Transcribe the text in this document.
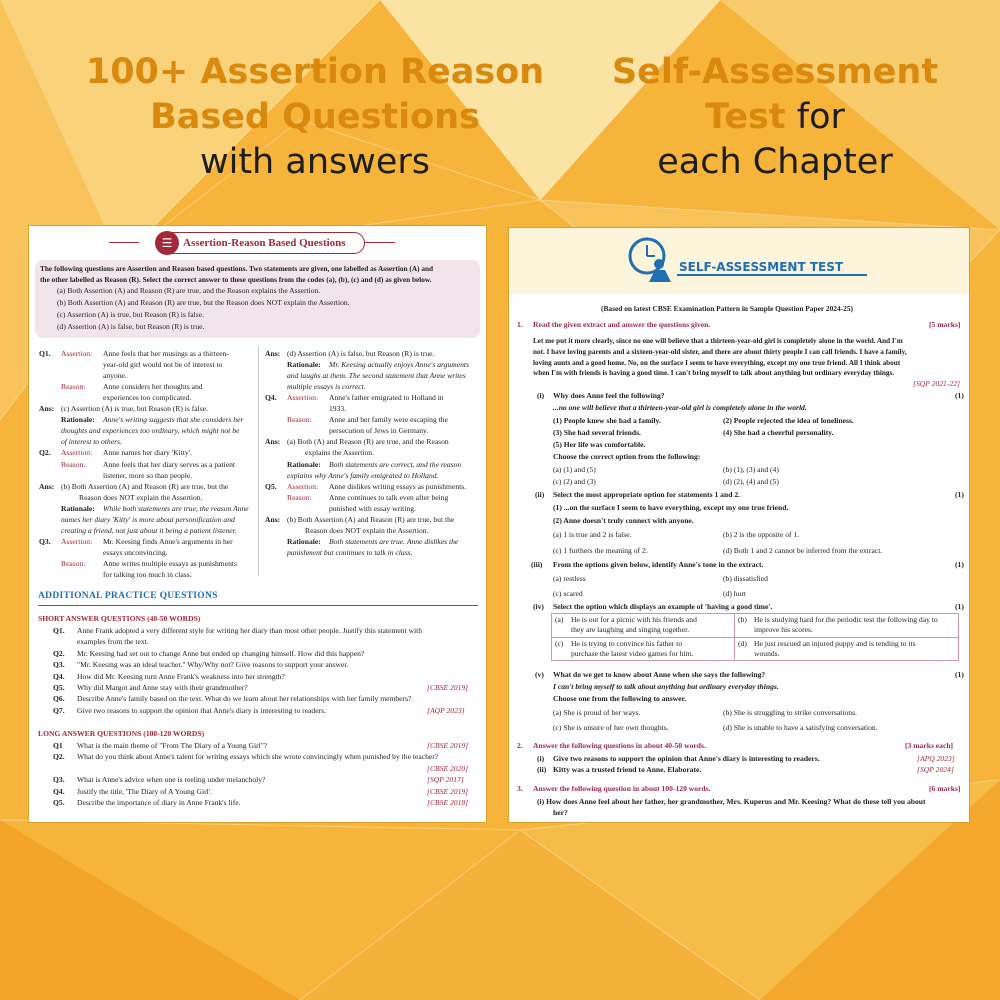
100+ Assertion Reason
Based Questions
with answers
Self-Assessment
Test for
each Chapter
☰ Assertion-Reason Based Questions
The following questions are Assertion and Reason based questions. Two statements are given, one labelled as Assertion (A) and
the other labelled as Reason (R). Select the correct answer to these questions from the codes (a), (b), (c) and (d) as given below.
(a) Both Assertion (A) and Reason (R) are true, and the Reason explains the Assertion.
(b) Both Assertion (A) and Reason (R) are true, but the Reason does NOT explain the Assertion.
(c) Assertion (A) is true, but Reason (R) is false.
(d) Assertion (A) is false, but Reason (R) is true.
Q1. Assertion: Anne feels that her musings as a thirteen-
year-old girl would not be of interest to
anyone.
Reason: Anne considers her thoughts and
experiences too complicated.
Ans: (c) Assertion (A) is true, but Reason (R) is false.
Rationale: Anne's writing suggests that she considers her
thoughts and experiences too ordinary, which might not be
of interest to others.
Q2. Assertion: Anne names her diary 'Kitty'.
Reason: Anne feels that her diary serves as a patient
listener, more so than people.
Ans: (b) Both Assertion (A) and Reason (R) are true, but the
Reason does NOT explain the Assertion.
Rationale: While both statements are true, the reason Anne
names her diary 'Kitty' is more about personification and
creating a friend, not just about it being a patient listener.
Q3. Assertion: Mr. Keesing finds Anne's arguments in her
essays unconvincing.
Reason: Anne writes multiple essays as punishments
for talking too much in class.
Ans: (d) Assertion (A) is false, but Reason (R) is true.
Rationale: Mr. Keesing actually enjoys Anne's arguments
and laughs at them. The second statement that Anne writes
multiple essays is correct.
Q4. Assertion: Anne's father emigrated to Holland in
1933.
Reason: Anne and her family were escaping the
persecution of Jews in Germany.
Ans: (a) Both (A) and Reason (R) are true, and the Reason
explains the Assertion.
Rationale: Both statements are correct, and the reason
explains why Anne's family emigrated to Holland.
Q5. Assertion: Anne dislikes writing essays as punishments.
Reason: Anne continues to talk even after being
punished with essay writing.
Ans: (b) Both Assertion (A) and Reason (R) are true, but the
Reason does NOT explain the Assertion.
Rationale: Both statements are true. Anne dislikes the
punishment but continues to talk in class.
ADDITIONAL PRACTICE QUESTIONS
SHORT ANSWER QUESTIONS (40-50 WORDS)
Q1. Anne Frank adopted a very different style for writing her diary than most other people. Justify this statement with
examples from the text.
Q2. Mr. Keesing had set out to change Anne but ended up changing himself. How did this happen?
Q3. "Mr. Keesing was an ideal teacher." Why/Why not? Give reasons to support your answer.
Q4. How did Mr. Keesing turn Anne Frank's weakness into her strength?
Q5. Why did Margot and Anne stay with their grandmother?	[CBSE 2019]
Q6. Describe Anne's family based on the text. What do we learn about her relationships with her family members?
Q7. Give two reasons to support the opinion that Anne's diary is interesting to readers.	[AQP 2023]
LONG ANSWER QUESTIONS (100-120 WORDS)
Q1 What is the main theme of "From The Diary of a Young Girl"?	[CBSE 2019]
Q2. What do you think about Anne's talent for writing essays which she wrote convincingly when punished by the teacher?
[CBSE 2020]
Q3. What is Anne's advice when one is reeling under melancholy?	[SQP 2017]
Q4. Justify the title, 'The Diary of A Young Girl'.	[CBSE 2019]
Q5. Describe the importance of diary in Anne Frank's life.	[CBSE 2018]
SELF-ASSESSMENT TEST
(Based on latest CBSE Examination Pattern in Sample Question Paper 2024-25)
1. Read the given extract and answer the questions given.	[5 marks]
Let me put it more clearly, since no one will believe that a thirteen-year-old girl is completely alone in the world. And I'm
not. I have loving parents and a sixteen-year-old sister, and there are about thirty people I can call friends. I have a family,
loving aunts and a good home. No, on the surface I seem to have everything, except my one true friend. All I think about
when I'm with friends is having a good time. I can't bring myself to talk about anything but ordinary everyday things.
[SQP 2021-22]
(i) Why does Anne feel the following?	(1)
...no one will believe that a thirteen-year-old girl is completely alone in the world.
(1) People knew she had a family.	(2) People rejected the idea of loneliness.
(3) She had several friends.	(4) She had a cheerful personality.
(5) Her life was comfortable.
Choose the correct option from the following:
(a) (1) and (5)	(b) (1), (3) and (4)
(c) (2) and (3)	(d) (2), (4) and (5)
(ii) Select the most appropriate option for statements 1 and 2.	(1)
(1) ...on the surface I seem to have everything, except my one true friend.
(2) Anne doesn't truly connect with anyone.
(a) 1 is true and 2 is false.	(b) 2 is the opposite of 1.
(c) 1 furthers the meaning of 2.	(d) Both 1 and 2 cannot be inferred from the extract.
(iii) From the options given below, identify Anne's tone in the extract.	(1)
(a) restless	(b) dissatisfied
(c) scared	(d) hurt
(iv) Select the option which displays an example of 'having a good time'.	(1)
(a) He is out for a picnic with his friends and
they are laughing and singing together.
(b) He is studying hard for the periodic test the following day to
improve his scores.
(c) He is trying to convince his father to
purchase the latest video games for him.
(d) He just rescued an injured puppy and is tending to its
wounds.
(v) What do we get to know about Anne when she says the following?	(1)
I can't bring myself to talk about anything but ordinary everyday things.
Choose one from the following to answer.
(a) She is proud of her ways.	(b) She is struggling to strike conversations.
(c) She is unsure of her own thoughts.	(d) She is unable to have a satisfying conversation.
2. Answer the following questions in about 40-50 words.	[3 marks each]
(i) Give two reasons to support the opinion that Anne's diary is interesting to readers.	[APQ 2023]
(ii) Kitty was a trusted friend to Anne. Elaborate.	[SQP 2024]
3. Answer the following question in about 100-120 words.	[6 marks]
(i) How does Anne feel about her father, her grandmother, Mrs. Kuperus and Mr. Keesing? What do these tell you about
her?
